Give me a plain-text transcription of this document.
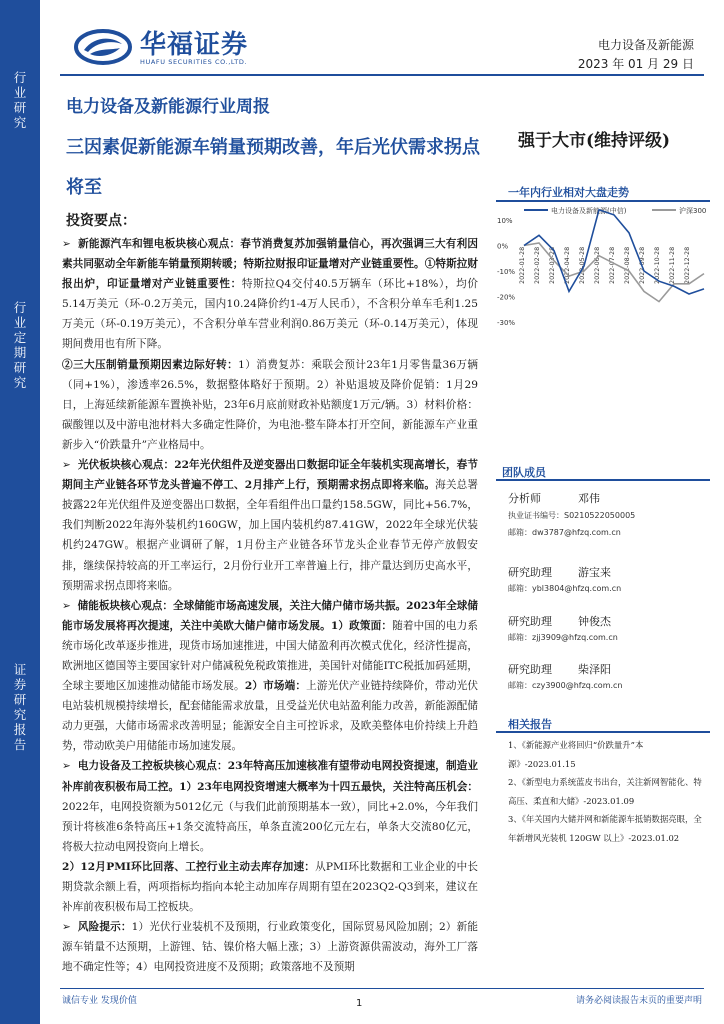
华福证券
HUAFU SECURITIES CO.,LTD.
电力设备及新能源
2023 年 01 月 29 日
行业研究
行业定期研究
证券研究报告
电力设备及新能源行业周报
三因素促新能源车销量预期改善，年后光伏需求拐点将至
强于大市(维持评级)
投资要点：

➢  新能源汽车和锂电板块核心观点：春节消费复苏加强销量信心，再次强调三大有利因素共同驱动全年新能车销量预期转暖；特斯拉财报印证量增对产业链重要性。①特斯拉财报出炉，印证量增对产业链重要性：特斯拉Q4交付40.5万辆车（环比+18%），均价5.14万美元（环-0.2万美元，国内10.24降价约1-4万人民币），不含积分单车毛利1.25万美元（环-0.19万美元），不含积分单车营业利润0.86万美元（环-0.14万美元），体现期间费用也有所下降。

②三大压制销量预期因素边际好转：1）消费复苏：乘联会预计23年1月零售量36万辆（同+1%），渗透率26.5%，数据整体略好于预期。2）补贴退坡及降价促销：1月29日，上海延续新能源车置换补贴，23年6月底前财政补贴额度1万元/辆。3）材料价格：碳酸锂以及中游电池材料大多确定性降价，为电池-整车降本打开空间，新能源车产业重新步入“价跌量升”产业格局中。

➢  光伏板块核心观点：22年光伏组件及逆变器出口数据印证全年装机实现高增长，春节期间主产业链各环节龙头普遍不停工、2月排产上行，预期需求拐点即将来临。海关总署披露22年光伏组件及逆变器出口数据，全年看组件出口量约158.5GW，同比+56.7%，我们判断2022年海外装机约160GW，加上国内装机约87.41GW，2022年全球光伏装机约247GW。根据产业调研了解，1月份主产业链各环节龙头企业春节无停产放假安排，继续保持较高的开工率运行，2月份行业开工率普遍上行，排产量达到历史高水平，预期需求拐点即将来临。

➢  储能板块核心观点：全球储能市场高速发展，关注大储户储市场共振。2023年全球储能市场发展将再次提速，关注中美欧大储户储市场发展。1）政策面：随着中国的电力系统市场化改革逐步推进，现货市场加速推进，中国大储盈利再次模式优化，经济性提高，欧洲地区德国等主要国家针对户储减税免税政策推进，美国针对储能ITC税抵加码延期，全球主要地区加速推动储能市场发展。2）市场端：上游光伏产业链持续降价，带动光伏电站装机规模持续增长，配套储能需求放量，且受益光伏电站盈利能力改善，新能源配储动力更强，大储市场需求改善明显；能源安全自主可控诉求，及欧美整体电价持续上升趋势，带动欧美户用储能市场加速发展。

➢  电力设备及工控板块核心观点：23年特高压加速核准有望带动电网投资提速，制造业补库前夜积极布局工控。1）23年电网投资增速大概率为十四五最快，关注特高压机会：2022年，电网投资额为5012亿元（与我们此前预期基本一致），同比+2.0%，今年我们预计将核准6条特高压+1条交流特高压，单条直流200亿元左右，单条大交流80亿元，将极大拉动电网投资向上增长。

2）12月PMI环比回落、工控行业主动去库存加速：从PMI环比数据和工业企业的中长期贷款余额上看，两项指标均指向本轮主动加库存周期有望在2023Q2-Q3到来，建议在补库前夜积极布局工控板块。

➢  风险提示：1）光伏行业装机不及预期，行业政策变化，国际贸易风险加剧；2）新能源车销量不达预期，上游锂、钴、镍价格大幅上涨；3）上游资源供需波动，海外工厂落地不确定性等；4）电网投资进度不及预期；政策落地不及预期

一年内行业相对大盘走势
电力设备及新能源(中信)	沪深300
10%
0%
-10%
-20%
-30%
2022-01-28 2022-02-28 2022-03-28 2022-04-28 2022-05-28 2022-06-28 2022-07-28 2022-08-28 2022-09-28 2022-10-28 2022-11-28 2022-12-28
团队成员
分析师	邓伟
执业证书编号：S0210522050005
邮箱：dw3787@hfzq.com.cn
研究助理 游宝来
邮箱：ybl3804@hfzq.com.cn
研究助理 钟俊杰
邮箱：zjj3909@hfzq.com.cn
研究助理 柴泽阳
邮箱：czy3900@hfzq.com.cn
相关报告

1、《新能源产业将回归“价跌量升”本源》-2023.01.15

2、《新型电力系统蓝皮书出台，关注新网智能化、特高压、柔直和大储》-2023.01.09

3、《年关国内大储并网和新能源车抵销数据亮眼，全年新增风光装机 120GW 以上》-2023.01.02

诚信专业 发现价值	1	请务必阅读报告末页的重要声明
